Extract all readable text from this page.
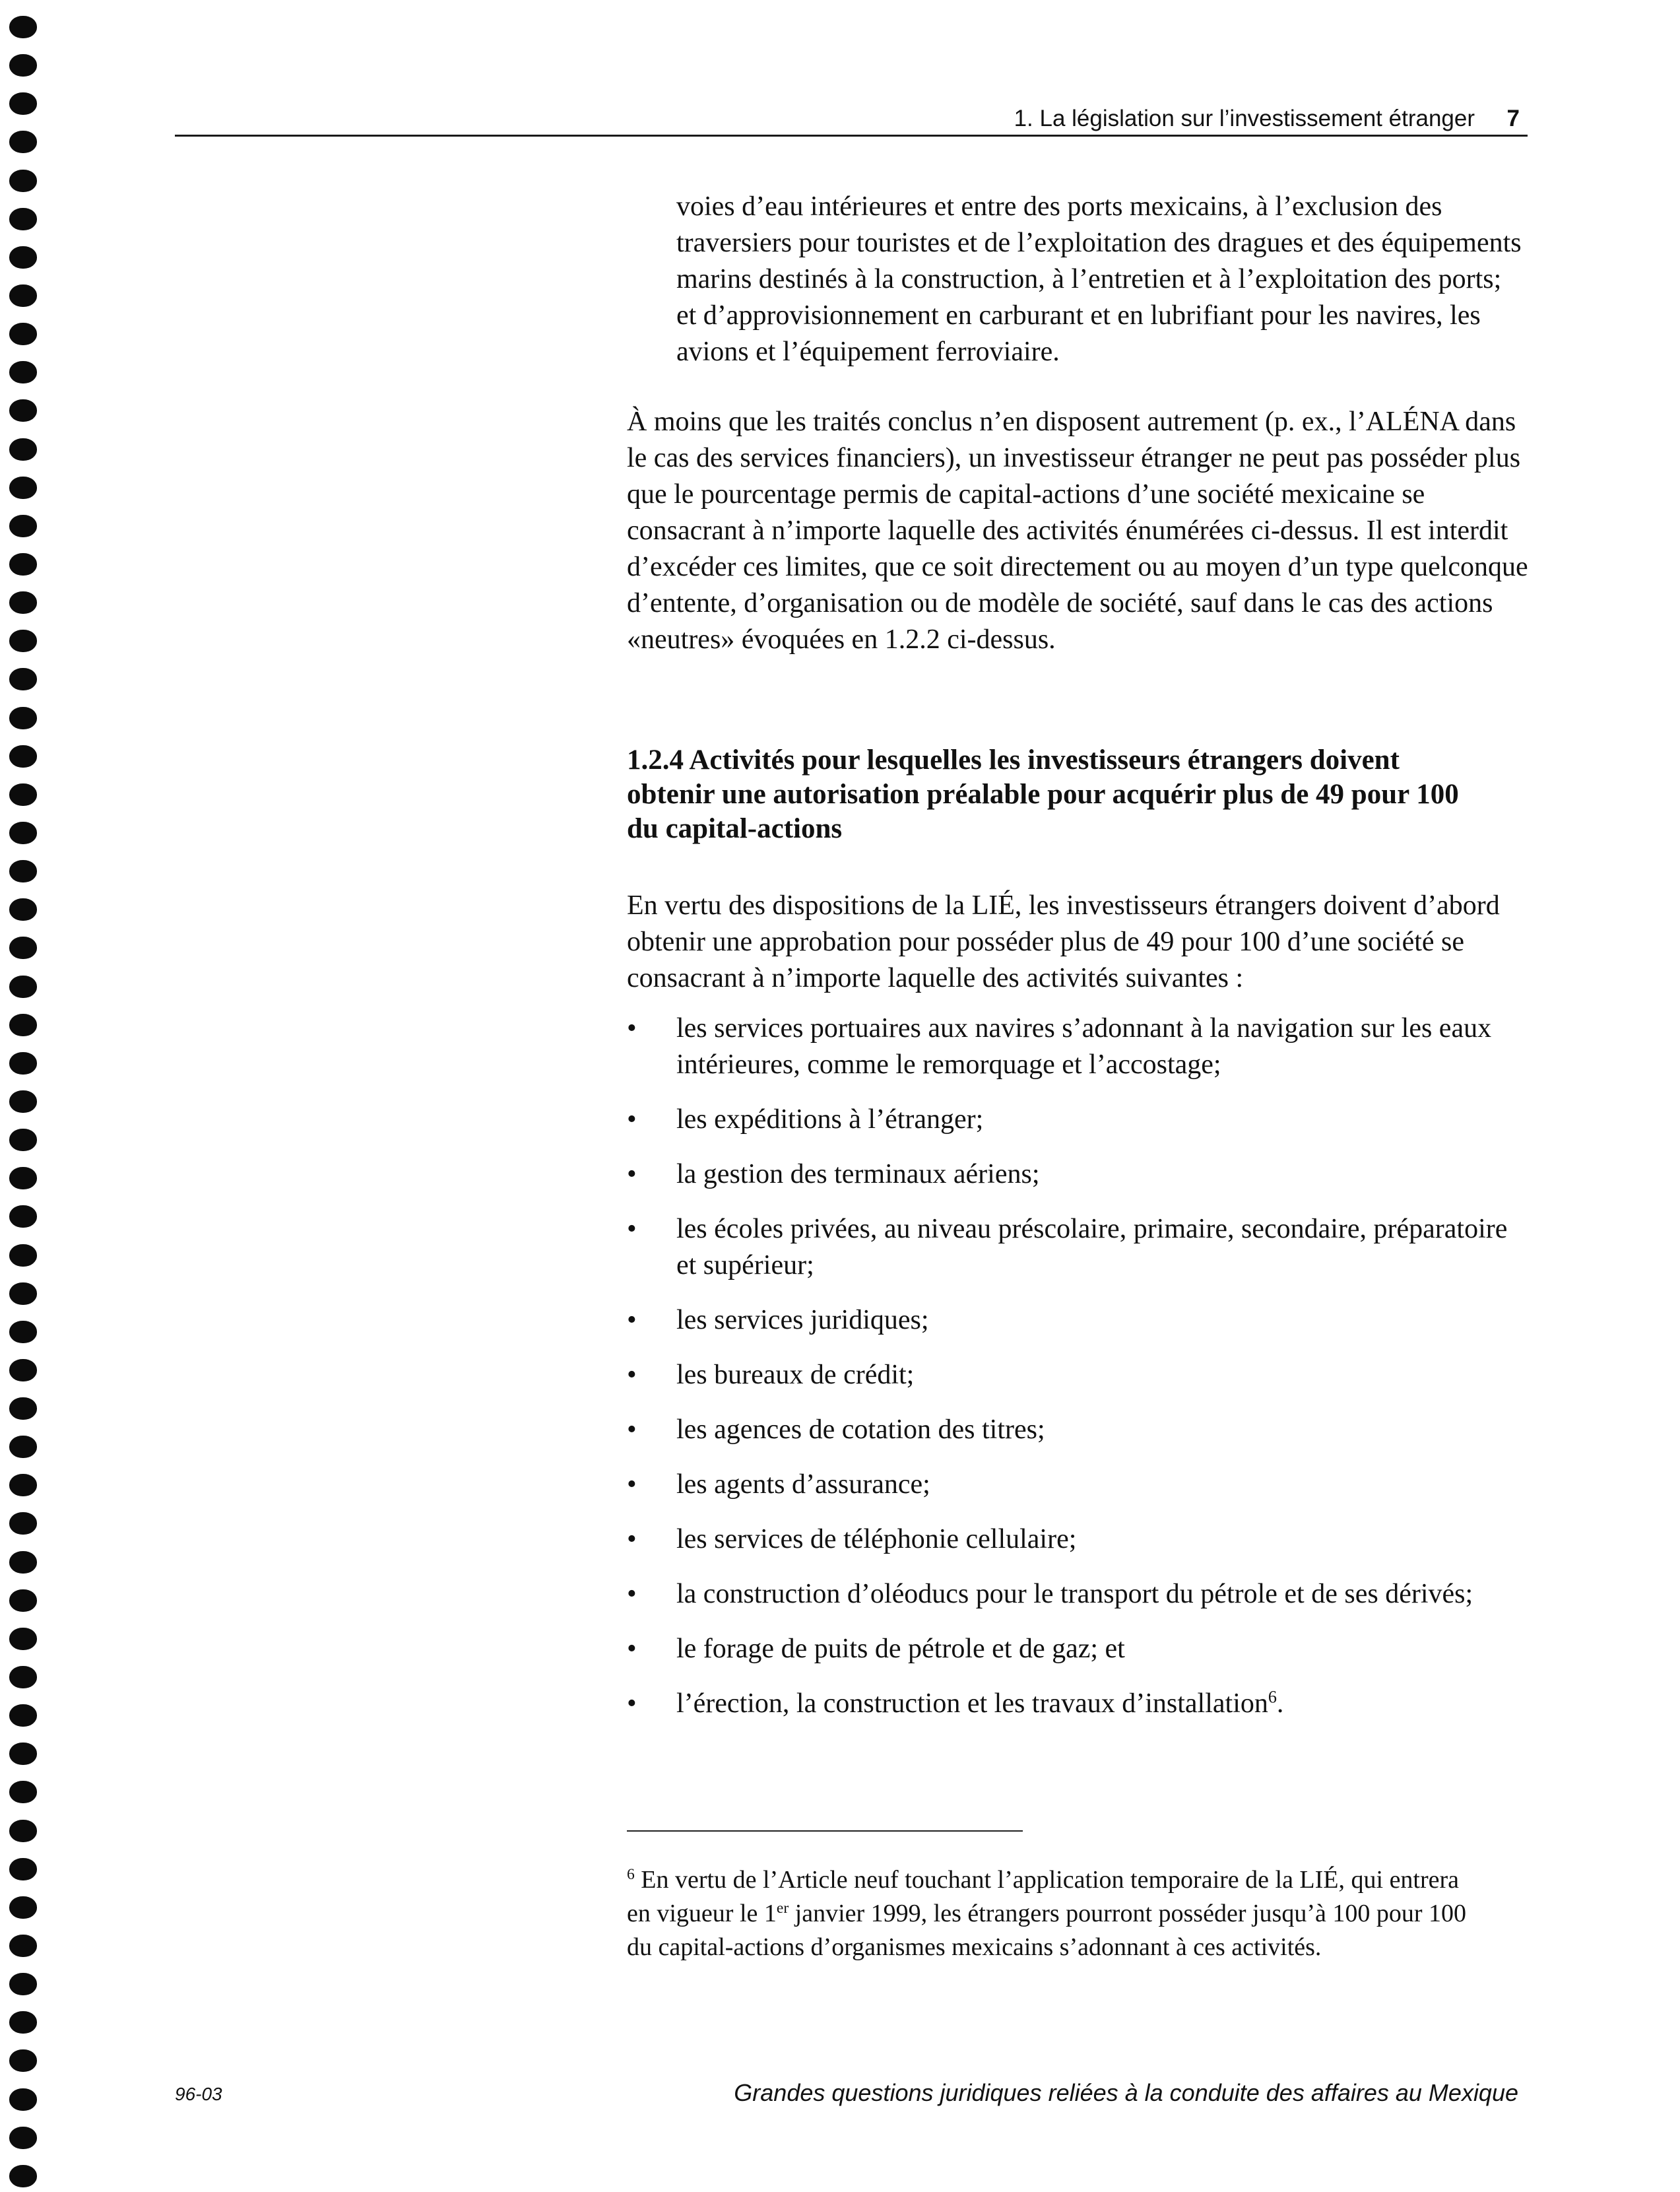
1. La législation sur l’investissement étranger 7

voies d’eau intérieures et entre des ports mexicains, à l’exclusion des traversiers pour touristes et de l’exploitation des dragues et des équipements marins destinés à la construction, à l’entretien et à l’exploitation des ports; et d’approvisionnement en carburant et en lubrifiant pour les navires, les avions et l’équipement ferroviaire.

À moins que les traités conclus n’en disposent autrement (p. ex., l’ALÉNA dans le cas des services financiers), un investisseur étranger ne peut pas posséder plus que le pourcentage permis de capital-actions d’une société mexicaine se consacrant à n’importe laquelle des activités énumérées ci-dessus. Il est interdit d’excéder ces limites, que ce soit directement ou au moyen d’un type quelconque d’entente, d’organisation ou de modèle de société, sauf dans le cas des actions «neutres» évoquées en 1.2.2 ci-dessus.

1.2.4 Activités pour lesquelles les investisseurs étrangers doivent obtenir une autorisation préalable pour acquérir plus de 49 pour 100 du capital-actions

En vertu des dispositions de la LIÉ, les investisseurs étrangers doivent d’abord obtenir une approbation pour posséder plus de 49 pour 100 d’une société se consacrant à n’importe laquelle des activités suivantes :

•	les services portuaires aux navires s’adonnant à la navigation sur les eaux intérieures, comme le remorquage et l’accostage;
•	les expéditions à l’étranger;
•	la gestion des terminaux aériens;
•	les écoles privées, au niveau préscolaire, primaire, secondaire, préparatoire et supérieur;
•	les services juridiques;
•	les bureaux de crédit;
•	les agences de cotation des titres;
•	les agents d’assurance;
•	les services de téléphonie cellulaire;
•	la construction d’oléoducs pour le transport du pétrole et de ses dérivés;
•	le forage de puits de pétrole et de gaz; et
•	l’érection, la construction et les travaux d’installation$^6$.

$^6$ En vertu de l’Article neuf touchant l’application temporaire de la LIÉ, qui entrera en vigueur le 1er janvier 1999, les étrangers pourront posséder jusqu’à 100 pour 100 du capital-actions d’organismes mexicains s’adonnant à ces activités.

96-03	Grandes questions juridiques reliées à la conduite des affaires au Mexique
